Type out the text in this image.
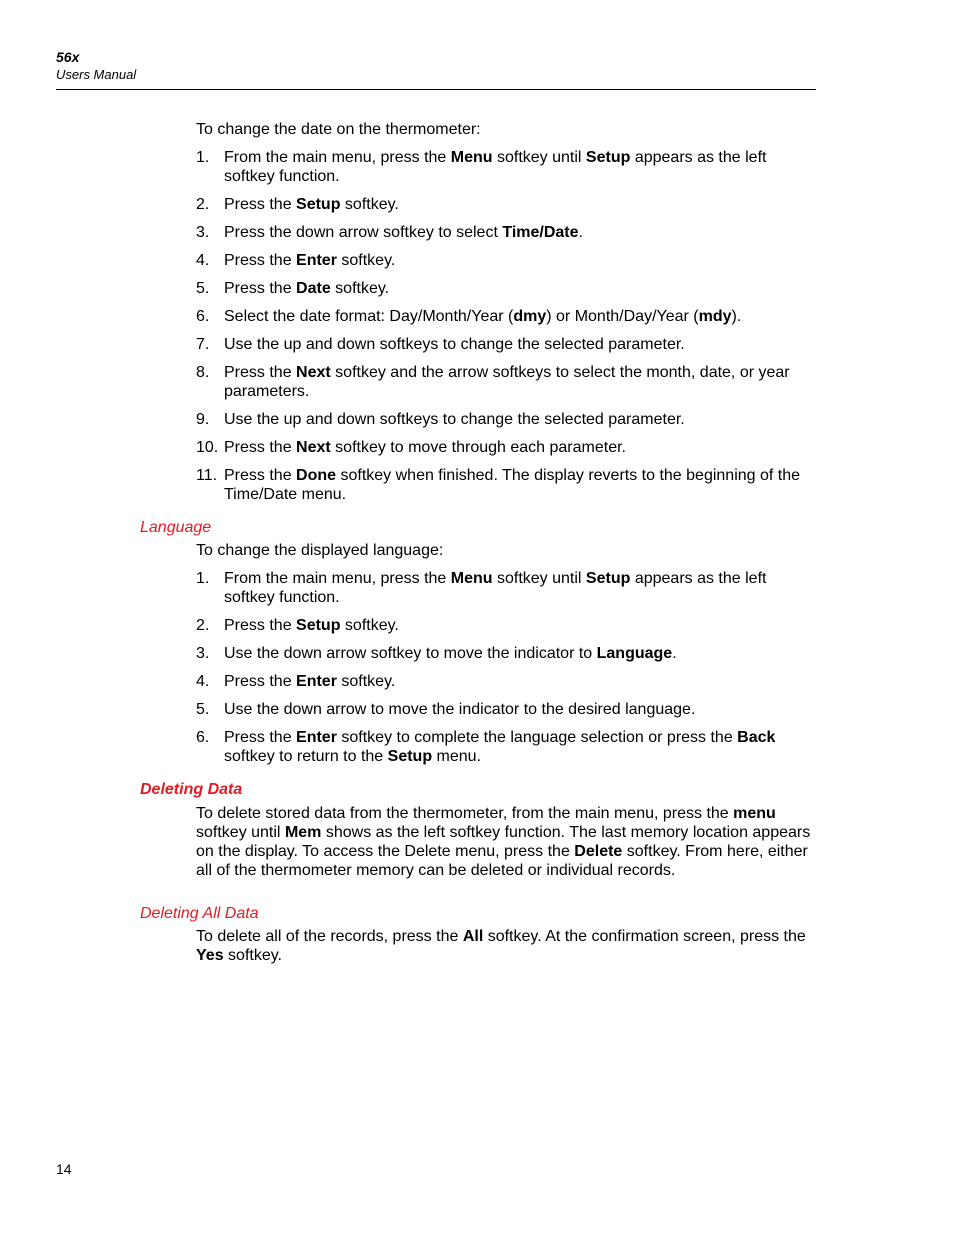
56x
Users Manual

To change the date on the thermometer:

1. From the main menu, press the Menu softkey until Setup appears as the left softkey function.
2. Press the Setup softkey.
3. Press the down arrow softkey to select Time/Date.
4. Press the Enter softkey.
5. Press the Date softkey.
6. Select the date format: Day/Month/Year (dmy) or Month/Day/Year (mdy).
7. Use the up and down softkeys to change the selected parameter.
8. Press the Next softkey and the arrow softkeys to select the month, date, or year parameters.
9. Use the up and down softkeys to change the selected parameter.
10. Press the Next softkey to move through each parameter.
11. Press the Done softkey when finished. The display reverts to the beginning of the Time/Date menu.
Language

To change the displayed language:

1. From the main menu, press the Menu softkey until Setup appears as the left softkey function.
2. Press the Setup softkey.
3. Use the down arrow softkey to move the indicator to Language.
4. Press the Enter softkey.
5. Use the down arrow to move the indicator to the desired language.
6. Press the Enter softkey to complete the language selection or press the Back softkey to return to the Setup menu.
Deleting Data

To delete stored data from the thermometer, from the main menu, press the menu softkey until Mem shows as the left softkey function. The last memory location appears on the display. To access the Delete menu, press the Delete softkey. From here, either all of the thermometer memory can be deleted or individual records.

Deleting All Data

To delete all of the records, press the All softkey. At the confirmation screen, press the Yes softkey.

14
